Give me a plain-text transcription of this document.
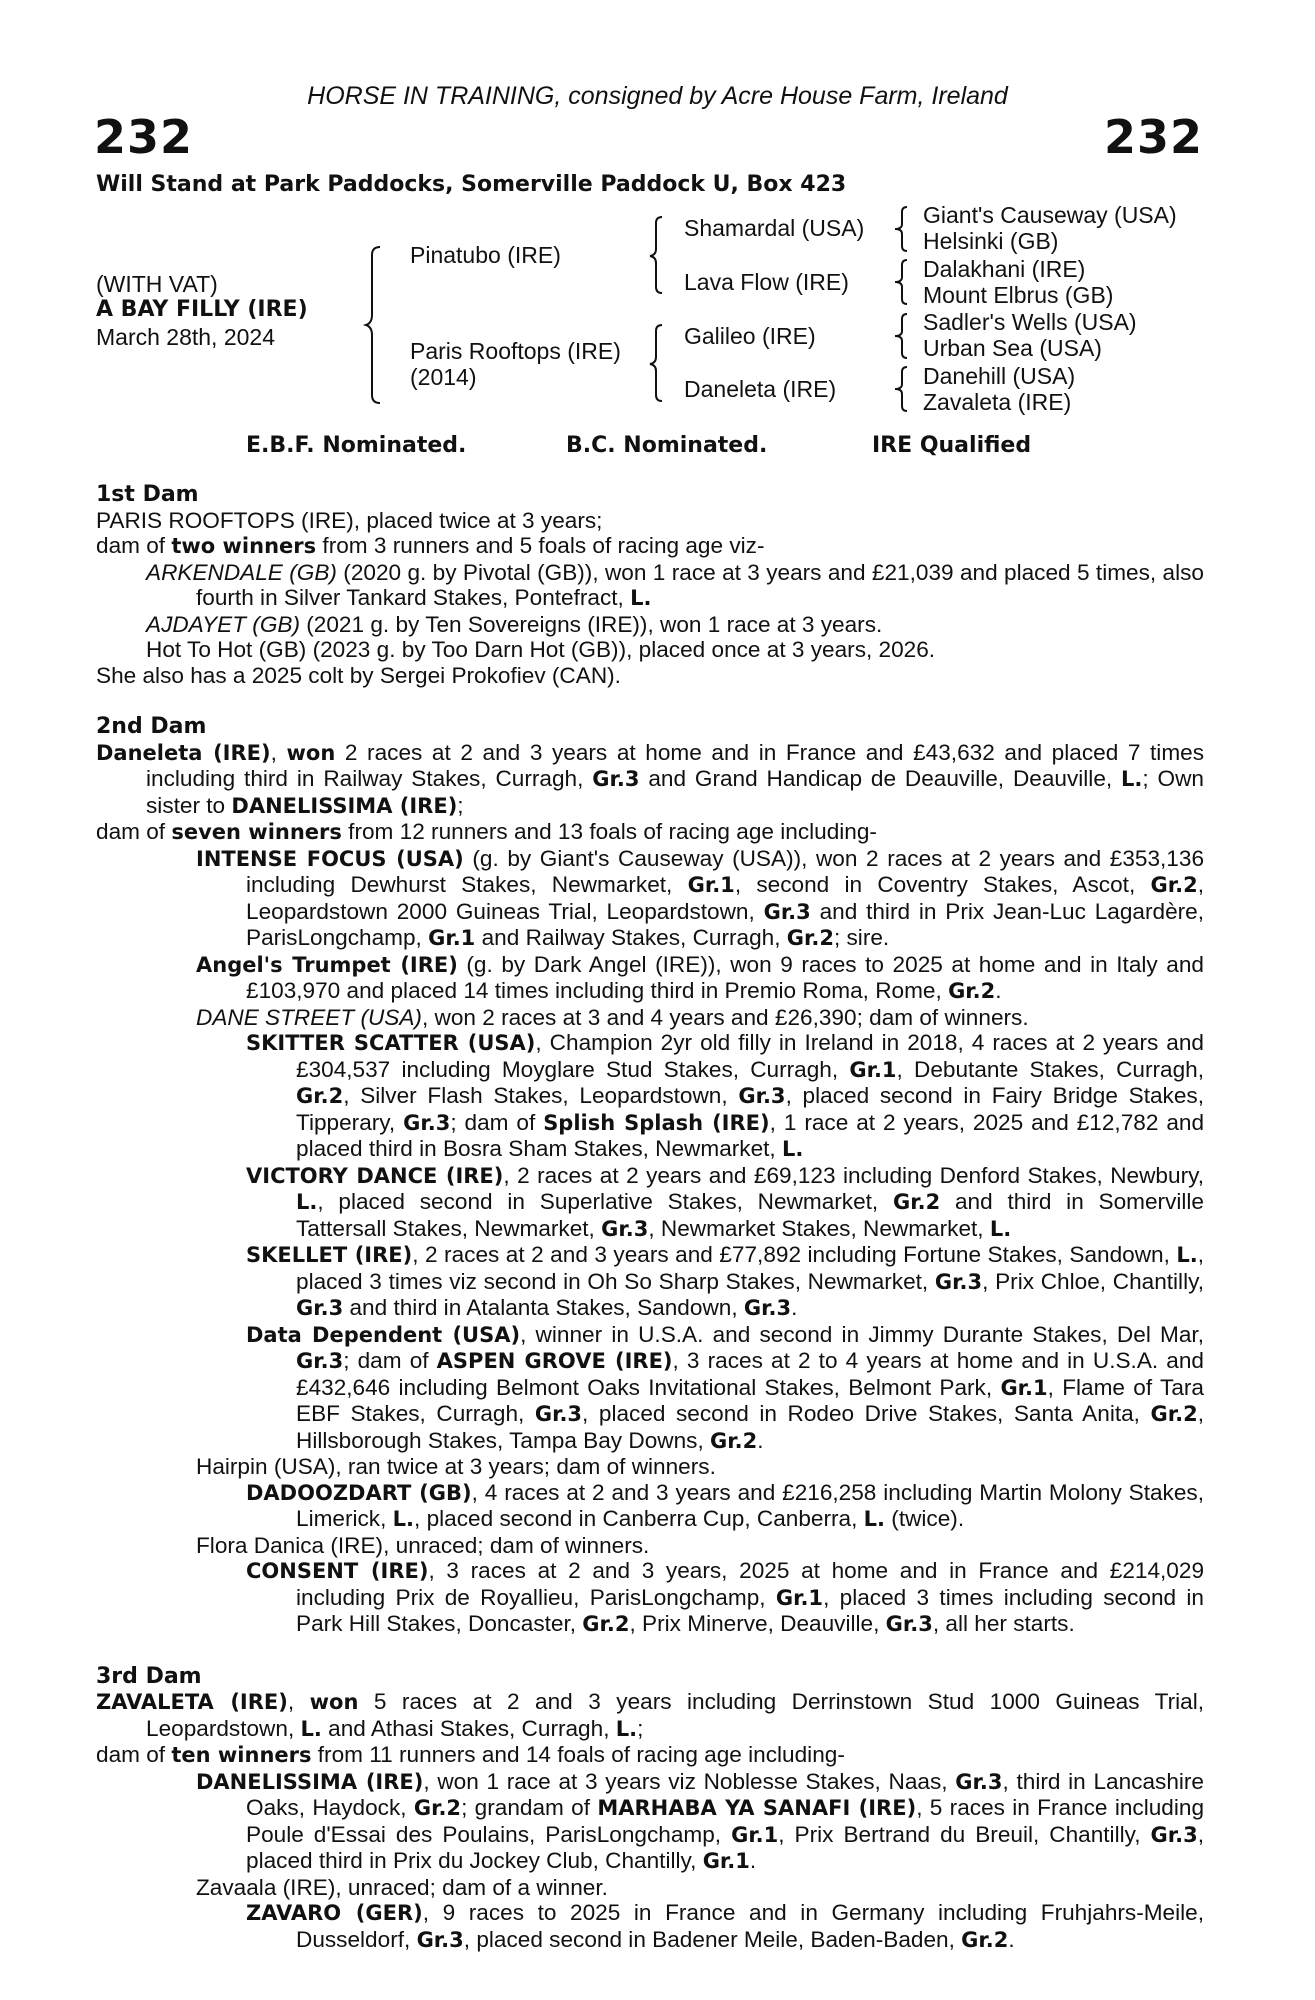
HORSE IN TRAINING, consigned by Acre House Farm, Ireland
232	232
Will Stand at Park Paddocks, Somerville Paddock U, Box 423
(WITH VAT)
A BAY FILLY (IRE)
March 28th, 2024
Pinatubo (IRE)
Paris Rooftops (IRE)
(2014)
Shamardal (USA)
Lava Flow (IRE)
Galileo (IRE)
Daneleta (IRE)
Giant's Causeway (USA)
Helsinki (GB)
Dalakhani (IRE)
Mount Elbrus (GB)
Sadler's Wells (USA)
Urban Sea (USA)
Danehill (USA)
Zavaleta (IRE)
E.B.F. Nominated.	B.C. Nominated.	IRE Qualified
1st Dam

PARIS ROOFTOPS (IRE), placed twice at 3 years;

dam of two winners from 3 runners and 5 foals of racing age viz-

ARKENDALE (GB) (2020 g. by Pivotal (GB)), won 1 race at 3 years and £21,039 and placed 5 times, also fourth in Silver Tankard Stakes, Pontefract, L.

AJDAYET (GB) (2021 g. by Ten Sovereigns (IRE)), won 1 race at 3 years.

Hot To Hot (GB) (2023 g. by Too Darn Hot (GB)), placed once at 3 years, 2026.

She also has a 2025 colt by Sergei Prokofiev (CAN).

2nd Dam

Daneleta (IRE), won 2 races at 2 and 3 years at home and in France and £43,632 and placed 7 times including third in Railway Stakes, Curragh, Gr.3 and Grand Handicap de Deauville, Deauville, L.; Own sister to DANELISSIMA (IRE);

dam of seven winners from 12 runners and 13 foals of racing age including-

INTENSE FOCUS (USA) (g. by Giant's Causeway (USA)), won 2 races at 2 years and £353,136 including Dewhurst Stakes, Newmarket, Gr.1, second in Coventry Stakes, Ascot, Gr.2, Leopardstown 2000 Guineas Trial, Leopardstown, Gr.3 and third in Prix Jean-Luc Lagardère, ParisLongchamp, Gr.1 and Railway Stakes, Curragh, Gr.2; sire.

Angel's Trumpet (IRE) (g. by Dark Angel (IRE)), won 9 races to 2025 at home and in Italy and £103,970 and placed 14 times including third in Premio Roma, Rome, Gr.2.

DANE STREET (USA), won 2 races at 3 and 4 years and £26,390; dam of winners.

SKITTER SCATTER (USA), Champion 2yr old filly in Ireland in 2018, 4 races at 2 years and £304,537 including Moyglare Stud Stakes, Curragh, Gr.1, Debutante Stakes, Curragh, Gr.2, Silver Flash Stakes, Leopardstown, Gr.3, placed second in Fairy Bridge Stakes, Tipperary, Gr.3; dam of Splish Splash (IRE), 1 race at 2 years, 2025 and £12,782 and placed third in Bosra Sham Stakes, Newmarket, L.

VICTORY DANCE (IRE), 2 races at 2 years and £69,123 including Denford Stakes, Newbury, L., placed second in Superlative Stakes, Newmarket, Gr.2 and third in Somerville Tattersall Stakes, Newmarket, Gr.3, Newmarket Stakes, Newmarket, L.

SKELLET (IRE), 2 races at 2 and 3 years and £77,892 including Fortune Stakes, Sandown, L., placed 3 times viz second in Oh So Sharp Stakes, Newmarket, Gr.3, Prix Chloe, Chantilly, Gr.3 and third in Atalanta Stakes, Sandown, Gr.3.

Data Dependent (USA), winner in U.S.A. and second in Jimmy Durante Stakes, Del Mar, Gr.3; dam of ASPEN GROVE (IRE), 3 races at 2 to 4 years at home and in U.S.A. and £432,646 including Belmont Oaks Invitational Stakes, Belmont Park, Gr.1, Flame of Tara EBF Stakes, Curragh, Gr.3, placed second in Rodeo Drive Stakes, Santa Anita, Gr.2, Hillsborough Stakes, Tampa Bay Downs, Gr.2.

Hairpin (USA), ran twice at 3 years; dam of winners.

DADOOZDART (GB), 4 races at 2 and 3 years and £216,258 including Martin Molony Stakes, Limerick, L., placed second in Canberra Cup, Canberra, L. (twice).

Flora Danica (IRE), unraced; dam of winners.

CONSENT (IRE), 3 races at 2 and 3 years, 2025 at home and in France and £214,029 including Prix de Royallieu, ParisLongchamp, Gr.1, placed 3 times including second in Park Hill Stakes, Doncaster, Gr.2, Prix Minerve, Deauville, Gr.3, all her starts.

3rd Dam

ZAVALETA (IRE), won 5 races at 2 and 3 years including Derrinstown Stud 1000 Guineas Trial, Leopardstown, L. and Athasi Stakes, Curragh, L.;

dam of ten winners from 11 runners and 14 foals of racing age including-

DANELISSIMA (IRE), won 1 race at 3 years viz Noblesse Stakes, Naas, Gr.3, third in Lancashire Oaks, Haydock, Gr.2; grandam of MARHABA YA SANAFI (IRE), 5 races in France including Poule d'Essai des Poulains, ParisLongchamp, Gr.1, Prix Bertrand du Breuil, Chantilly, Gr.3, placed third in Prix du Jockey Club, Chantilly, Gr.1.

Zavaala (IRE), unraced; dam of a winner.

ZAVARO (GER), 9 races to 2025 in France and in Germany including Fruhjahrs-Meile, Dusseldorf, Gr.3, placed second in Badener Meile, Baden-Baden, Gr.2.
